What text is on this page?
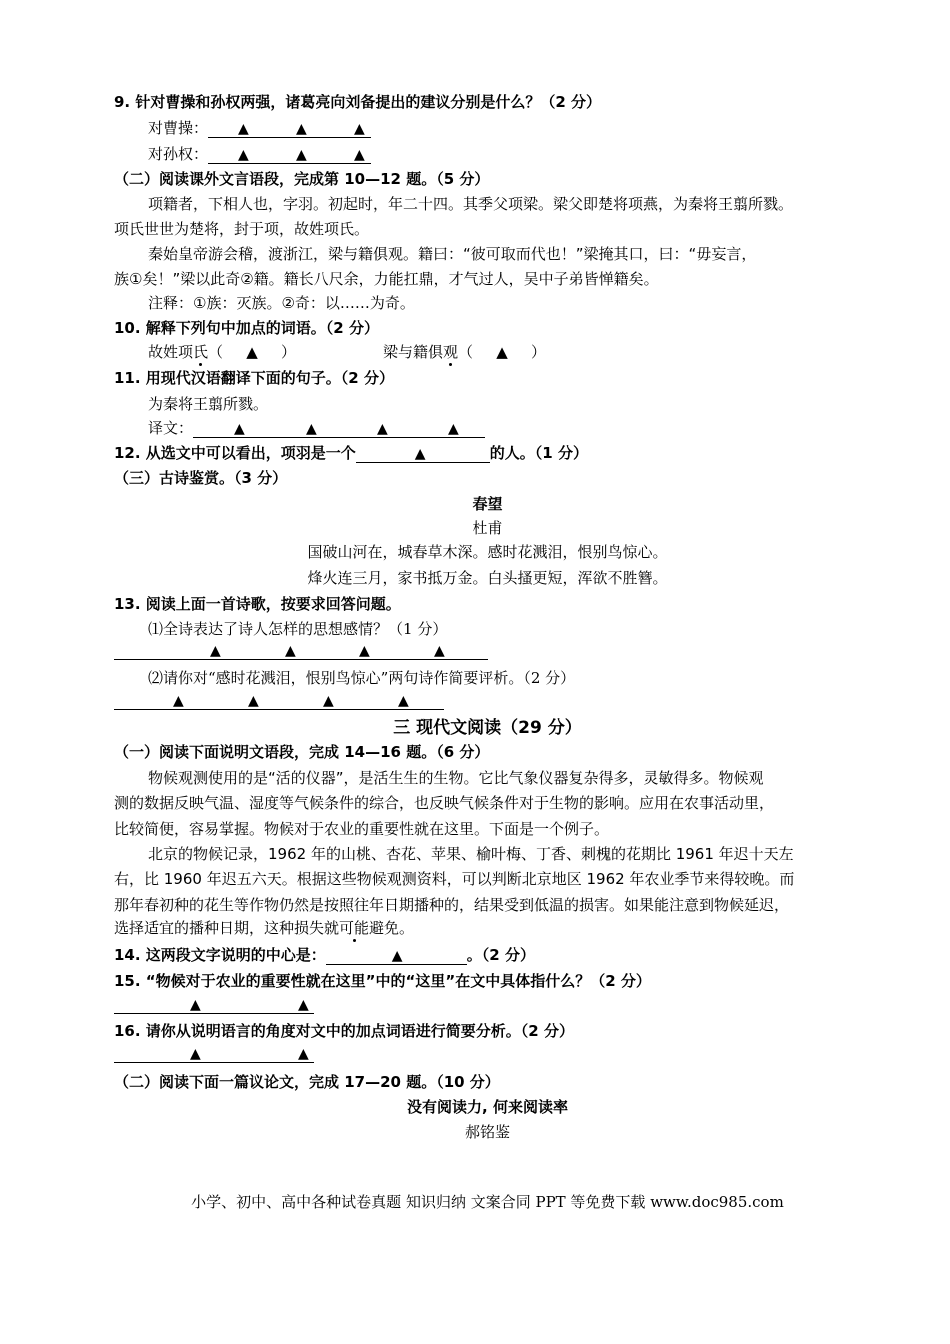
9. 针对曹操和孙权两强，诸葛亮向刘备提出的建议分别是什么？（2 分）
对曹操： ▲	▲	▲
对孙权： ▲	▲	▲
（二）阅读课外文言语段，完成第 10—12 题。（5 分）
项籍者，下相人也，字羽。初起时，年二十四。其季父项梁。梁父即楚将项燕，为秦将王翦所戮。
项氏世世为楚将，封于项，故姓项氏。
秦始皇帝游会稽，渡浙江，梁与籍俱观。籍曰：“彼可取而代也！”梁掩其口，曰：“毋妄言，
族①矣！”梁以此奇②籍。籍长八尺余，力能扛鼎，才气过人，吴中子弟皆惮籍矣。
注释：①族：灭族。②奇：以……为奇。
10. 解释下列句中加点的词语。（2 分）
故姓项氏（ ▲ ）	梁与籍俱观（ ▲ ）
11. 用现代汉语翻译下面的句子。（2 分）
为秦将王翦所戮。
译文：	▲	▲	▲	▲
12. 从选文中可以看出，项羽是一个	▲	的人。（1 分）
（三）古诗鉴赏。（3 分）
春望
杜甫
国破山河在，城春草木深。感时花溅泪，恨别鸟惊心。
烽火连三月，家书抵万金。白头搔更短，浑欲不胜簪。
13. 阅读上面一首诗歌，按要求回答问题。
⑴全诗表达了诗人怎样的思想感情？（1 分）
▲	▲	▲	▲
⑵请你对“感时花溅泪，恨别鸟惊心”两句诗作简要评析。（2 分）
▲	▲	▲	▲
三 现代文阅读（29 分）
（一）阅读下面说明文语段，完成 14—16 题。（6 分）
物候观测使用的是“活的仪器”，是活生生的生物。它比气象仪器复杂得多，灵敏得多。物候观
测的数据反映气温、湿度等气候条件的综合，也反映气候条件对于生物的影响。应用在农事活动里，
比较简便，容易掌握。物候对于农业的重要性就在这里。下面是一个例子。
北京的物候记录，1962 年的山桃、杏花、苹果、榆叶梅、丁香、刺槐的花期比 1961 年迟十天左
右，比 1960 年迟五六天。根据这些物候观测资料，可以判断北京地区 1962 年农业季节来得较晚。而
那年春初种的花生等作物仍然是按照往年日期播种的，结果受到低温的损害。如果能注意到物候延迟，
选择适宜的播种日期，这种损失就可能避免。
14. 这两段文字说明的中心是：	▲	。（2 分）
15. “物候对于农业的重要性就在这里”中的“这里”在文中具体指什么？（2 分）
▲	▲
16. 请你从说明语言的角度对文中的加点词语进行简要分析。（2 分）
▲	▲
（二）阅读下面一篇议论文，完成 17—20 题。（10 分）
没有阅读力, 何来阅读率
郝铭鉴
小学、初中、高中各种试卷真题 知识归纳 文案合同 PPT 等免费下载 www.doc985.com
